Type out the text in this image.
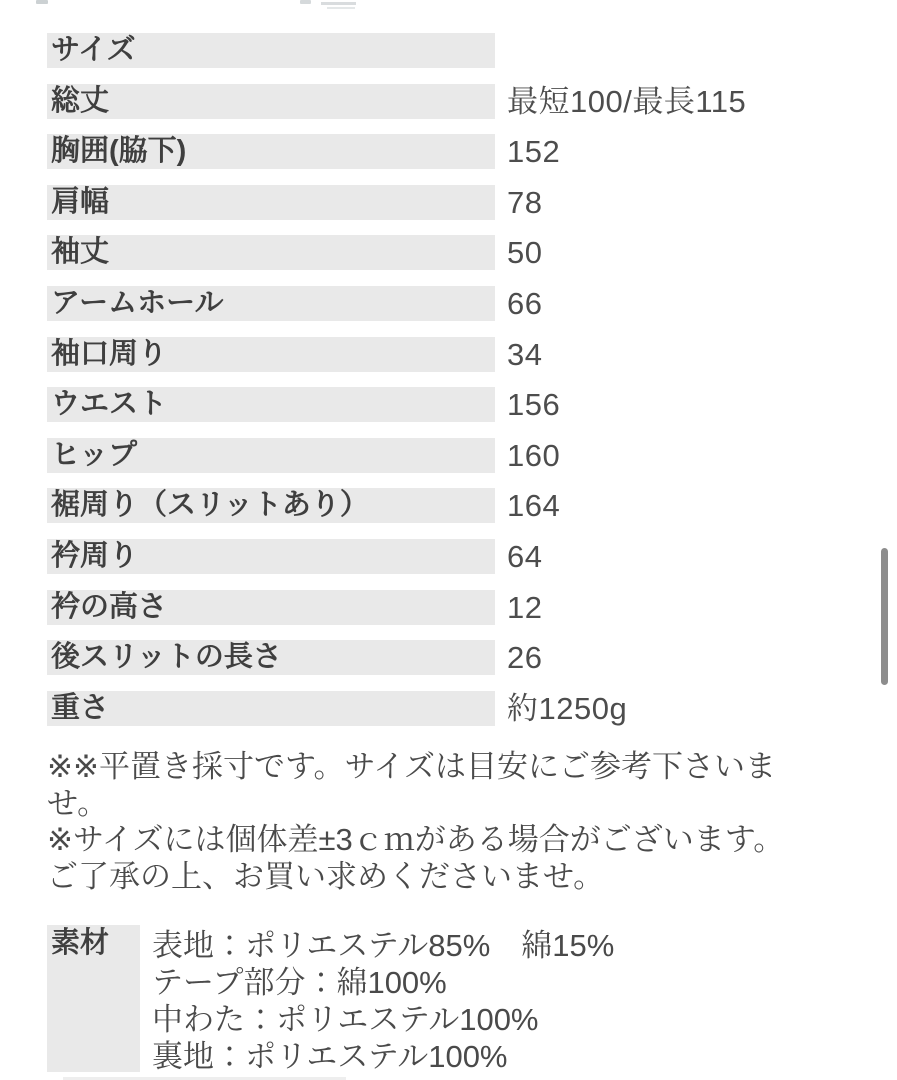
サイズ
総丈	最短100/最長115
胸囲(脇下)	152
肩幅	78
袖丈	50
アームホール	66
袖口周り	34
ウエスト	156
ヒップ	160
裾周り（スリットあり）	164
衿周り	64
衿の高さ	12
後スリットの長さ	26
重さ	約1250g
※※平置き採寸です。サイズは目安にご参考下さいま
せ。
※サイズには個体差±3ｃｍがある場合がございます。
ご了承の上、お買い求めくださいませ。
素材	表地：ポリエステル85%　綿15%
テープ部分：綿100%
中わた：ポリエステル100%
裏地：ポリエステル100%
